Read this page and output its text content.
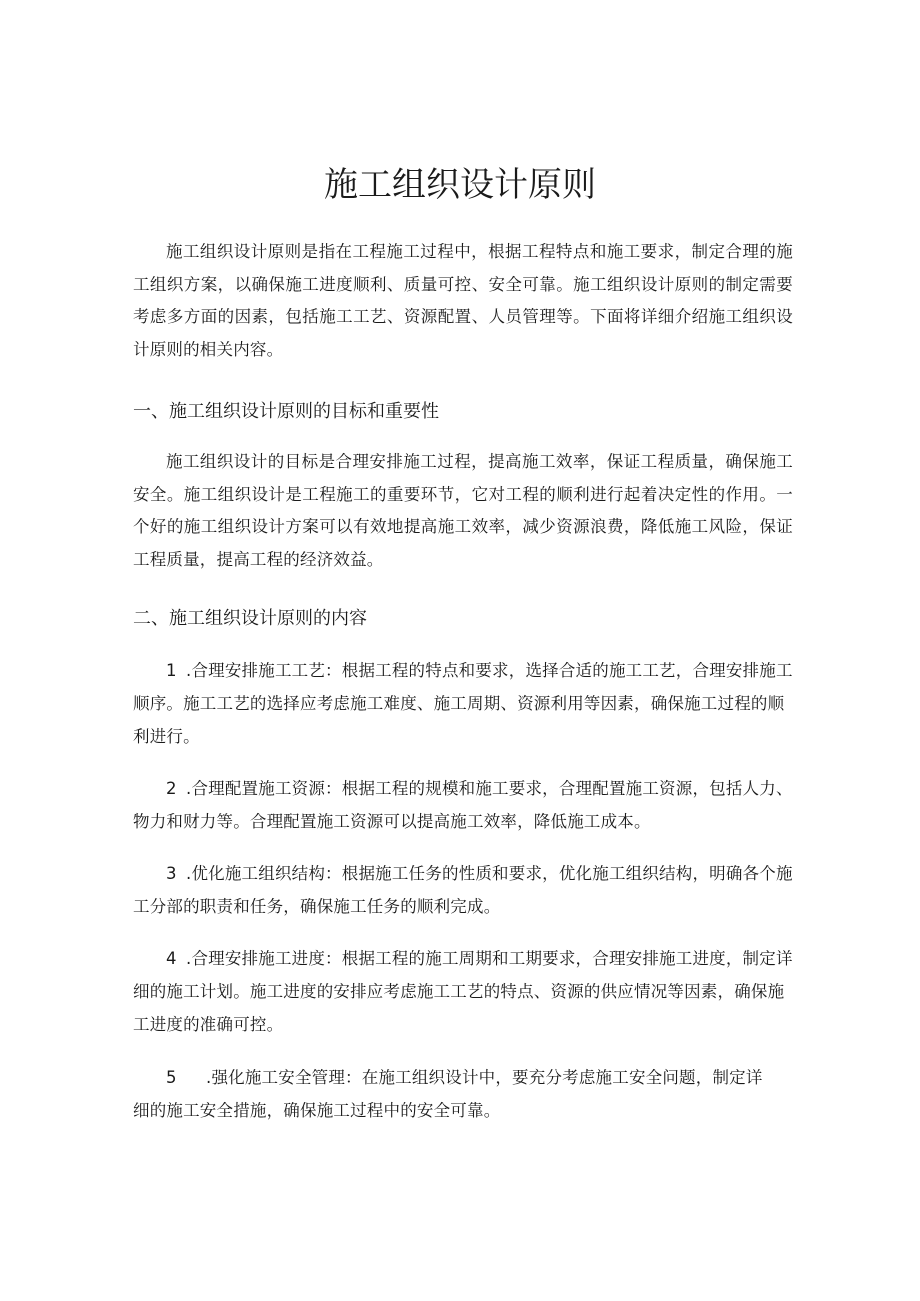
施工组织设计原则

施工组织设计原则是指在工程施工过程中，根据工程特点和施工要求，制定合理的施工组织方案，以确保施工进度顺利、质量可控、安全可靠。施工组织设计原则的制定需要考虑多方面的因素，包括施工工艺、资源配置、人员管理等。下面将详细介绍施工组织设计原则的相关内容。

一、施工组织设计原则的目标和重要性

施工组织设计的目标是合理安排施工过程，提高施工效率，保证工程质量，确保施工安全。施工组织设计是工程施工的重要环节，它对工程的顺利进行起着决定性的作用。一个好的施工组织设计方案可以有效地提高施工效率，减少资源浪费，降低施工风险，保证工程质量，提高工程的经济效益。

二、施工组织设计原则的内容

1 .合理安排施工工艺：根据工程的特点和要求，选择合适的施工工艺，合理安排施工顺序。施工工艺的选择应考虑施工难度、施工周期、资源利用等因素，确保施工过程的顺利进行。

2 .合理配置施工资源：根据工程的规模和施工要求，合理配置施工资源，包括人力、物力和财力等。合理配置施工资源可以提高施工效率，降低施工成本。

3 .优化施工组织结构：根据施工任务的性质和要求，优化施工组织结构，明确各个施工分部的职责和任务，确保施工任务的顺利完成。

4 .合理安排施工进度：根据工程的施工周期和工期要求，合理安排施工进度，制定详细的施工计划。施工进度的安排应考虑施工工艺的特点、资源的供应情况等因素，确保施工进度的准确可控。

5 .强化施工安全管理：在施工组织设计中，要充分考虑施工安全问题，制定详细的施工安全措施，确保施工过程中的安全可靠。
